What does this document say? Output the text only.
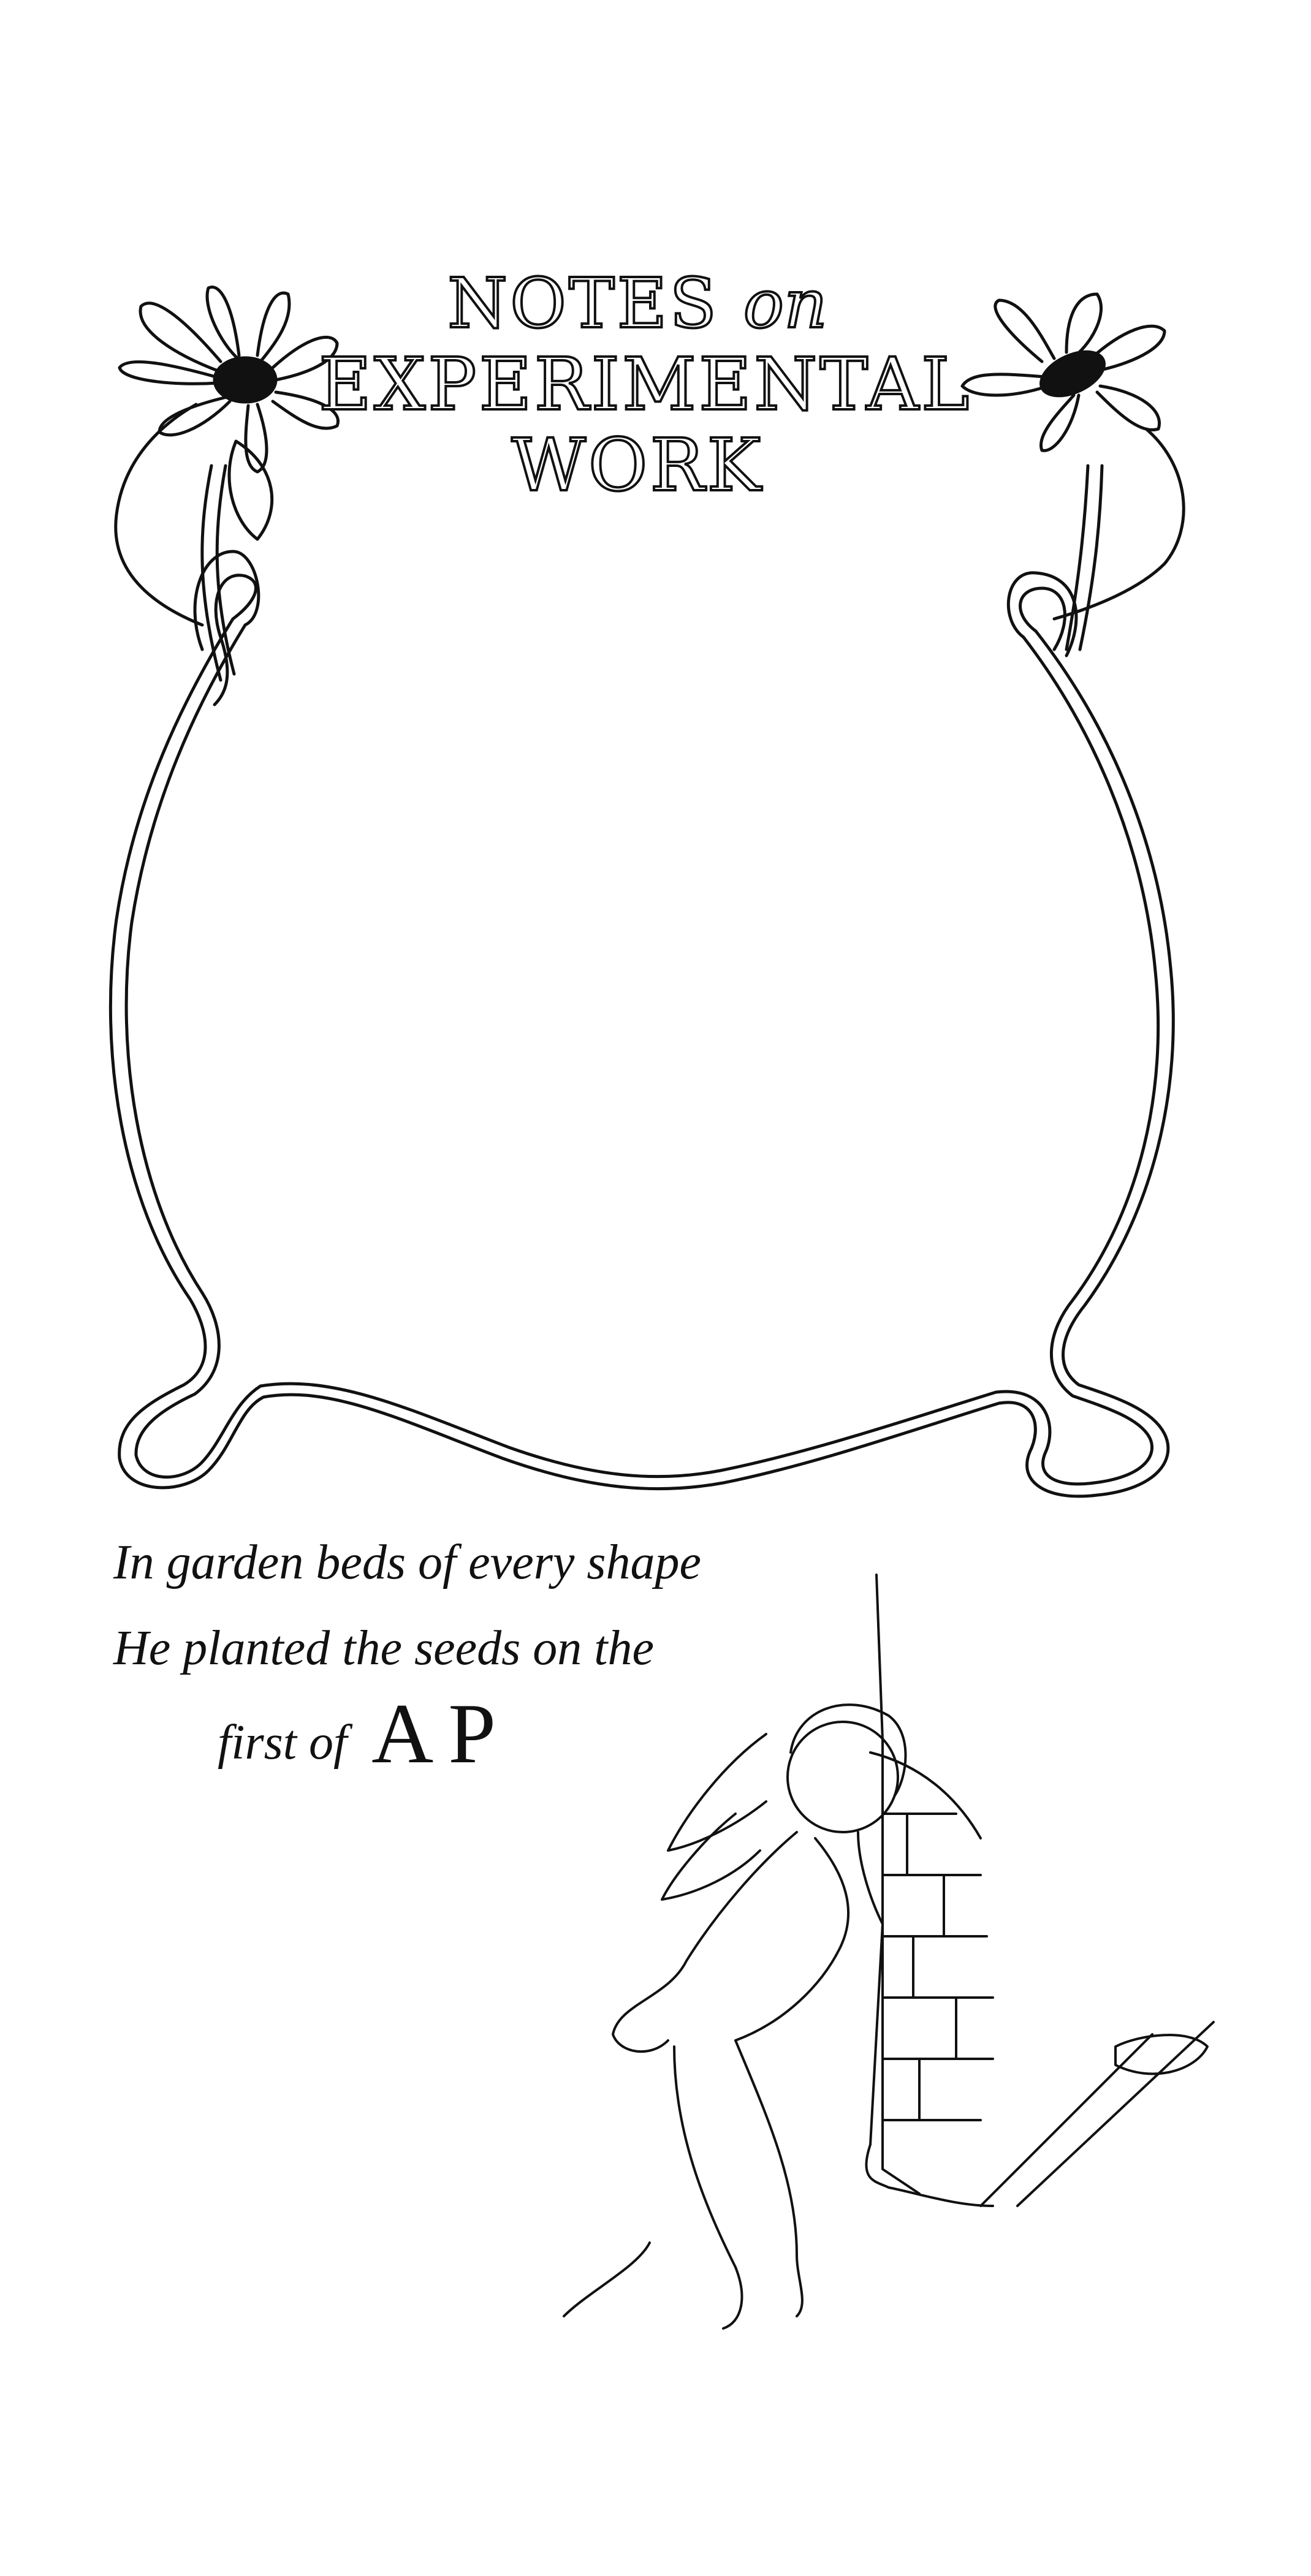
NOTES on
EXPERIMENTAL
WORK
In garden beds of every shape
He planted the seeds on the
first of AP
